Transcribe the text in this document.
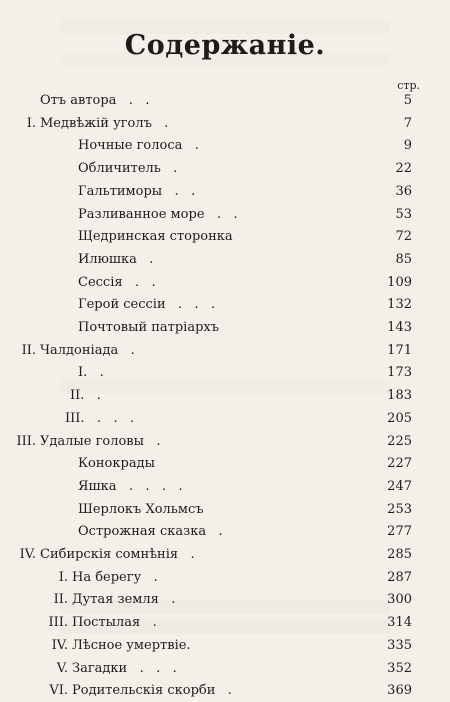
Содержанie.
стр.
Отъ автора   .   .	5
I. Медвѣжiй уголъ   .	7
Ночные голоса   .	9
Обличитель   .	22
Гальтиморы   .   .	36
Разливанное море   .   .	53
Щедринская сторонка	72
Илюшка   .	85
Сессiя   .   .	109
Герой сессiи   .   .   .	132
Почтовый патрiархъ	143
II. Чалдонiада   .	171
I.   .	173
II.   .	183
III.   .   .   .	205
III. Удалые головы   .	225
Конокрады	227
Яшка   .   .   .   .	247
Шерлокъ Хольмсъ	253
Острожная сказка   .	277
IV. Сибирскiя сомнѣнiя   .	285
I. На берегу   .	287
II. Дутая земля   .	300
III. Постылая   .	314
IV. Лѣсное умертвiе.	335
V. Загадки   .   .   .	352
VI. Родительскiя скорби   .	369
